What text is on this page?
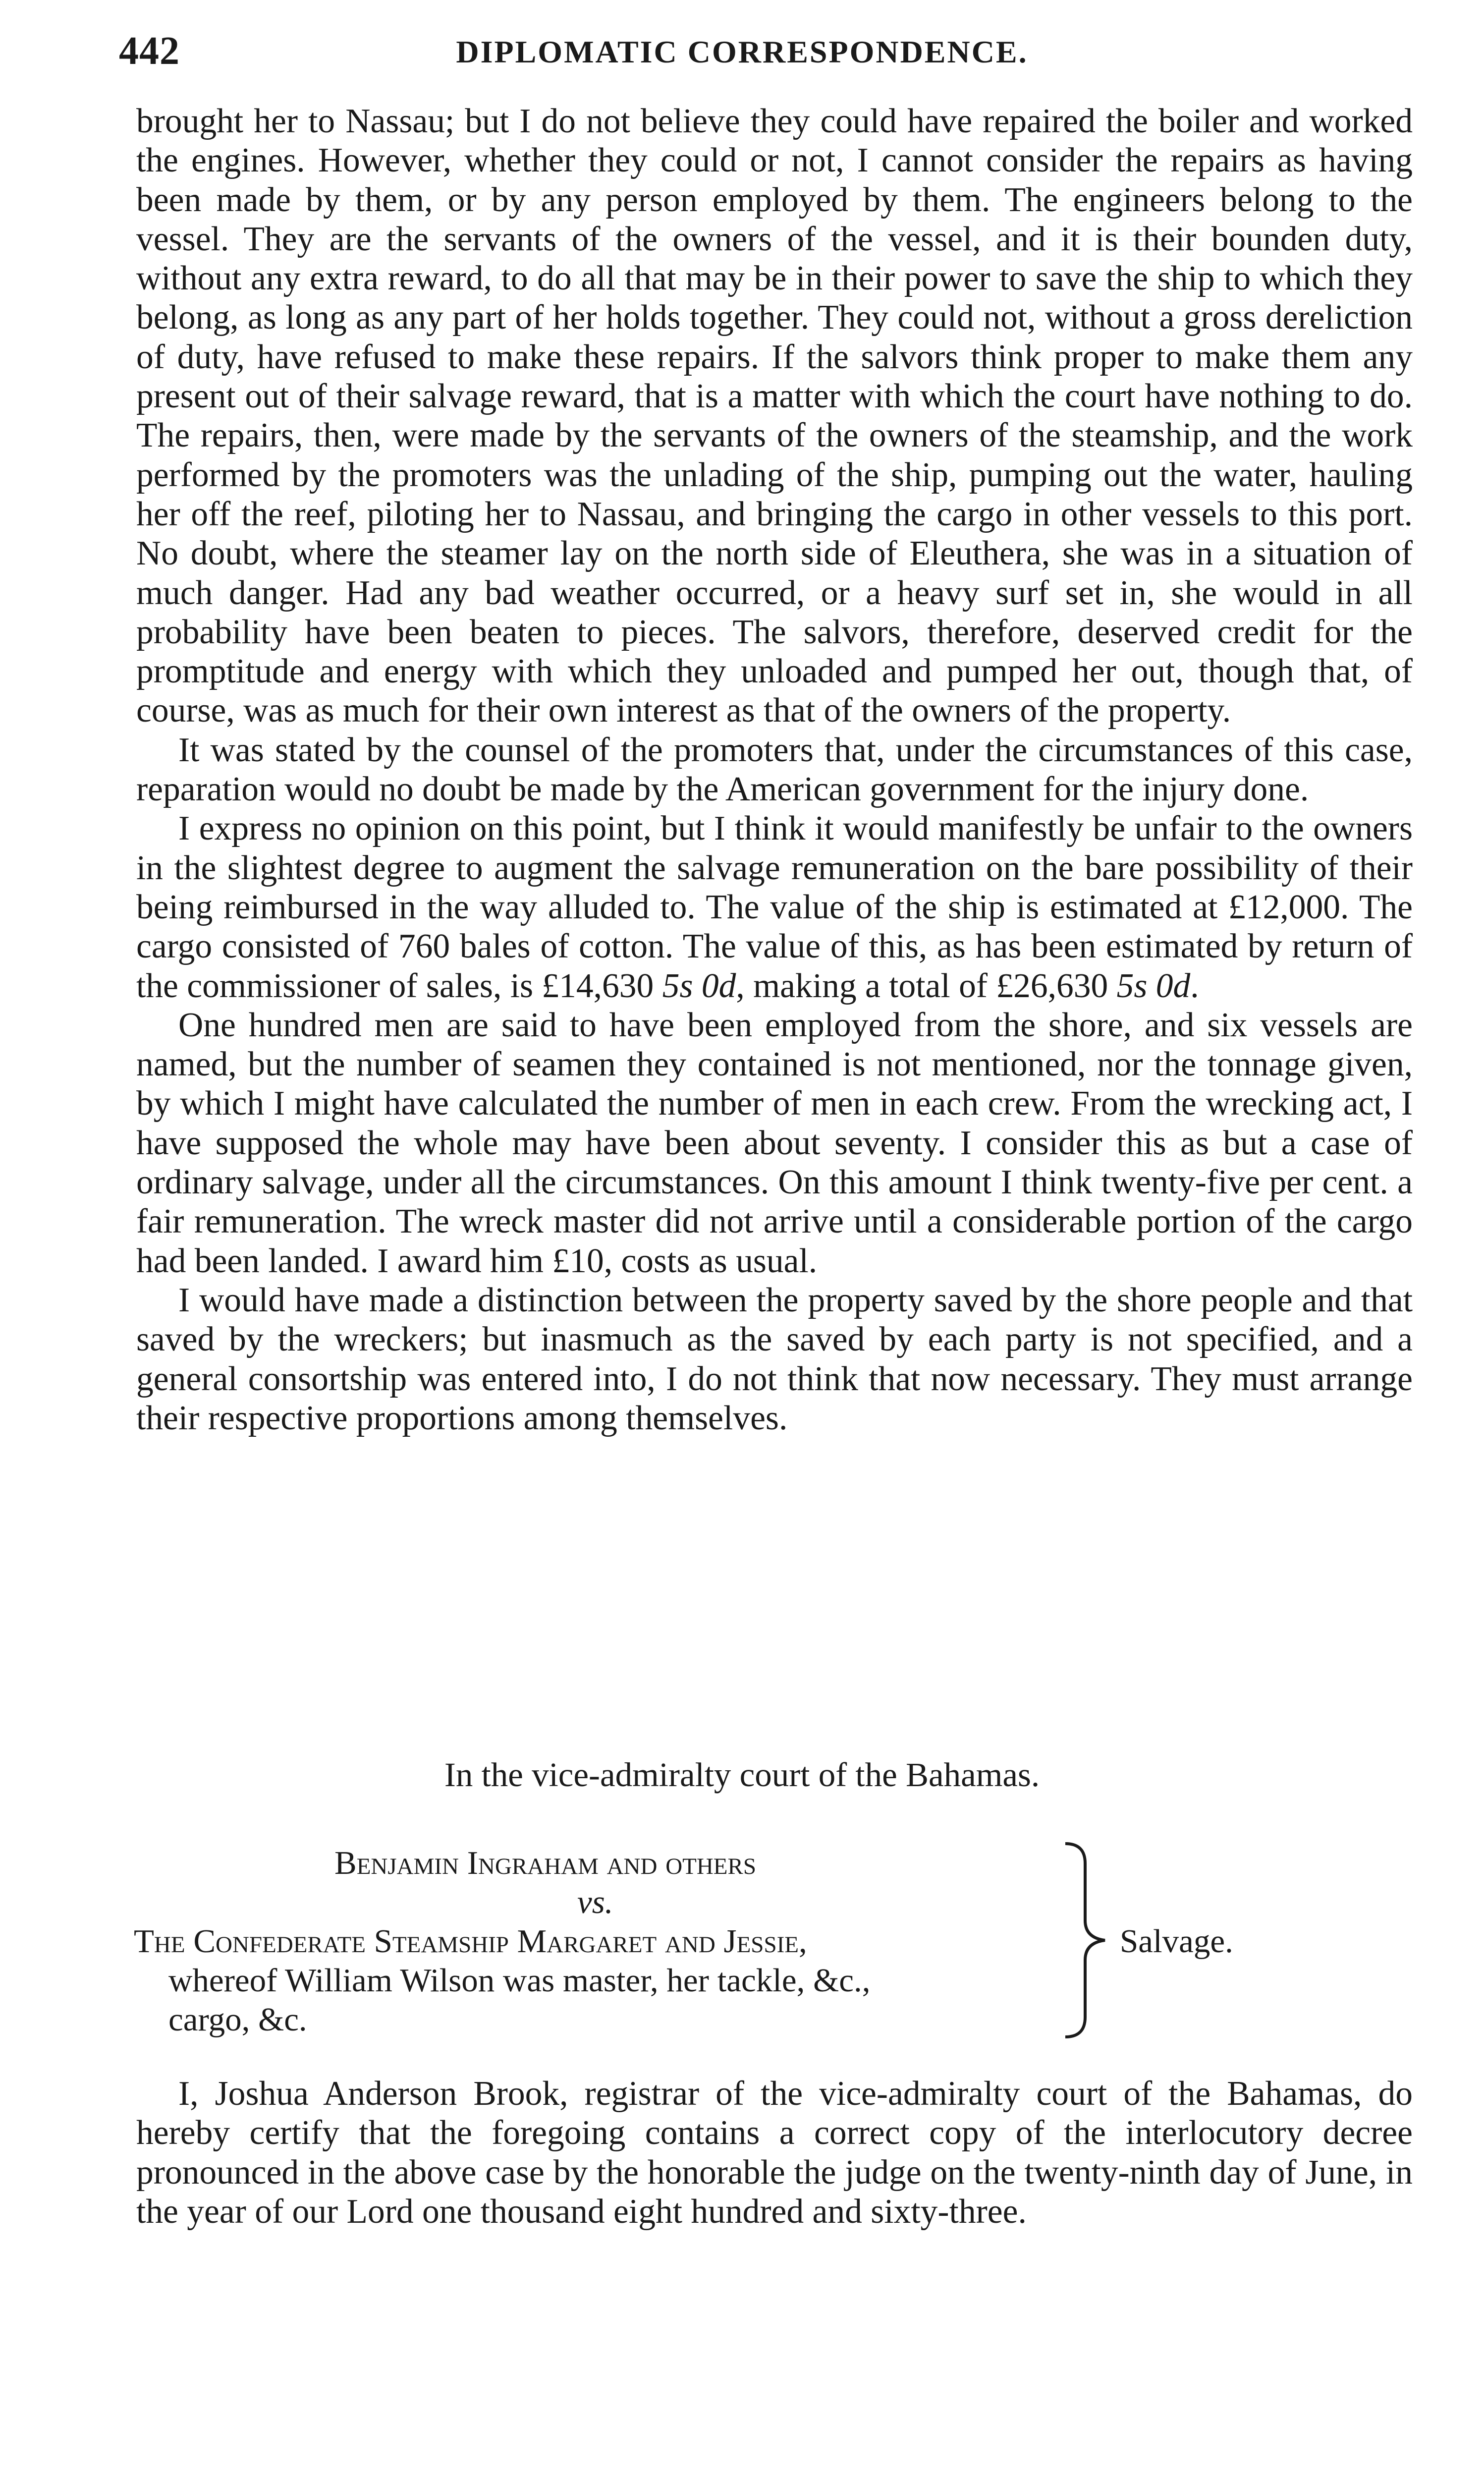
442	DIPLOMATIC CORRESPONDENCE.

brought her to Nassau; but I do not believe they could have repaired the boiler and worked the engines. However, whether they could or not, I cannot consider the repairs as having been made by them, or by any person employed by them. The engineers belong to the vessel. They are the servants of the owners of the vessel, and it is their bounden duty, without any extra reward, to do all that may be in their power to save the ship to which they belong, as long as any part of her holds together. They could not, without a gross dereliction of duty, have refused to make these repairs. If the salvors think proper to make them any present out of their salvage reward, that is a matter with which the court have nothing to do. The repairs, then, were made by the servants of the owners of the steamship, and the work performed by the promoters was the unlading of the ship, pumping out the water, hauling her off the reef, piloting her to Nassau, and bringing the cargo in other vessels to this port. No doubt, where the steamer lay on the north side of Eleuthera, she was in a situation of much danger. Had any bad weather occurred, or a heavy surf set in, she would in all probability have been beaten to pieces. The salvors, therefore, deserved credit for the promptitude and energy with which they unloaded and pumped her out, though that, of course, was as much for their own interest as that of the owners of the property.

It was stated by the counsel of the promoters that, under the circumstances of this case, reparation would no doubt be made by the American government for the injury done.

I express no opinion on this point, but I think it would manifestly be unfair to the owners in the slightest degree to augment the salvage remuneration on the bare possibility of their being reimbursed in the way alluded to. The value of the ship is estimated at £12,000. The cargo consisted of 760 bales of cotton. The value of this, as has been estimated by return of the commissioner of sales, is £14,630 5s 0d, making a total of £26,630 5s 0d.

One hundred men are said to have been employed from the shore, and six vessels are named, but the number of seamen they contained is not mentioned, nor the tonnage given, by which I might have calculated the number of men in each crew. From the wrecking act, I have supposed the whole may have been about seventy. I consider this as but a case of ordinary salvage, under all the circumstances. On this amount I think twenty-five per cent. a fair remuneration. The wreck master did not arrive until a considerable portion of the cargo had been landed. I award him £10, costs as usual.

I would have made a distinction between the property saved by the shore people and that saved by the wreckers; but inasmuch as the saved by each party is not specified, and a general consortship was entered into, I do not think that now necessary. They must arrange their respective proportions among themselves.

In the vice-admiralty court of the Bahamas.
Benjamin Ingraham and others
vs.
The Confederate Steamship Margaret and Jessie,
whereof William Wilson was master, her tackle, &c.,
cargo, &c.
Salvage.

I, Joshua Anderson Brook, registrar of the vice-admiralty court of the Bahamas, do hereby certify that the foregoing contains a correct copy of the interlocutory decree pronounced in the above case by the honorable the judge on the twenty-ninth day of June, in the year of our Lord one thousand eight hundred and sixty-three.
